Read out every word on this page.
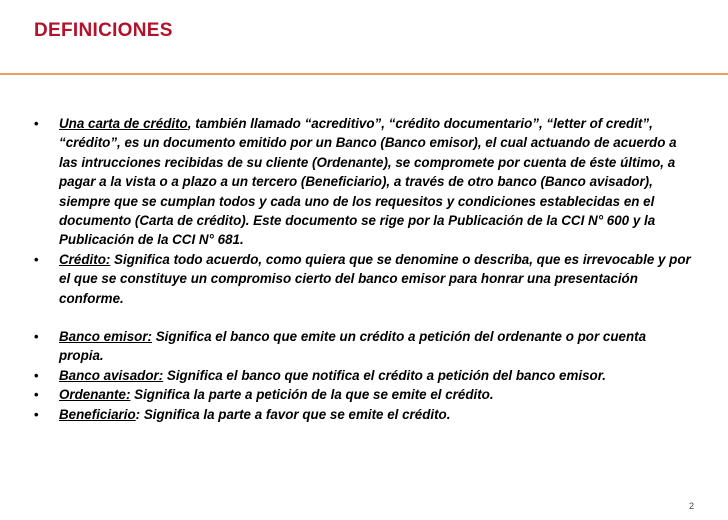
DEFINICIONES
• Una carta de crédito, también llamado “acreditivo”, “crédito documentario”, “letter of credit”, “crédito”, es un documento emitido por un Banco (Banco emisor), el cual actuando de acuerdo a las intrucciones recibidas de su cliente (Ordenante), se compromete por cuenta de éste último, a pagar a la vista o a plazo a un tercero (Beneficiario), a través de otro banco (Banco avisador), siempre que se cumplan todos y cada uno de los requesitos y condiciones establecidas en el documento (Carta de crédito). Este documento se rige por la Publicación de la CCI N° 600 y la Publicación de la CCI N° 681.
• Crédito: Significa todo acuerdo, como quiera que se denomine o describa, que es irrevocable y por el que se constituye un compromiso cierto del banco emisor para honrar una presentación conforme.
• Banco emisor: Significa el banco que emite un crédito a petición del ordenante o por cuenta propia.
• Banco avisador: Significa el banco que notifica el crédito a petición del banco emisor.
• Ordenante: Significa la parte a petición de la que se emite el crédito.
• Beneficiario: Significa la parte a favor que se emite el crédito.
2
